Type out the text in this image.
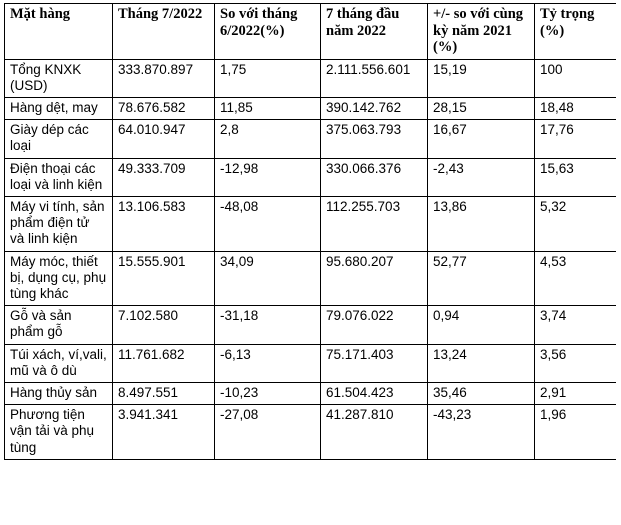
Mặt hàng	Tháng 7/2022	So với tháng 6/2022(%)	7 tháng đầu năm 2022	+/- so với cùng kỳ năm 2021 (%)	Tỷ trọng (%)
Tổng KNXK (USD)	333.870.897	1,75	2.111.556.601	15,19	100
Hàng dệt, may	78.676.582	11,85	390.142.762	28,15	18,48
Giày dép các loại	64.010.947	2,8	375.063.793	16,67	17,76
Điện thoại các loại và linh kiện	49.333.709	-12,98	330.066.376	-2,43	15,63
Máy vi tính, sản phẩm điện tử và linh kiện	13.106.583	-48,08	112.255.703	13,86	5,32
Máy móc, thiết bị, dụng cụ, phụ tùng khác	15.555.901	34,09	95.680.207	52,77	4,53
Gỗ và sản phẩm gỗ	7.102.580	-31,18	79.076.022	0,94	3,74
Túi xách, ví,vali, mũ và ô dù	11.761.682	-6,13	75.171.403	13,24	3,56
Hàng thủy sản	8.497.551	-10,23	61.504.423	35,46	2,91
Phương tiện vận tải và phụ tùng	3.941.341	-27,08	41.287.810	-43,23	1,96
